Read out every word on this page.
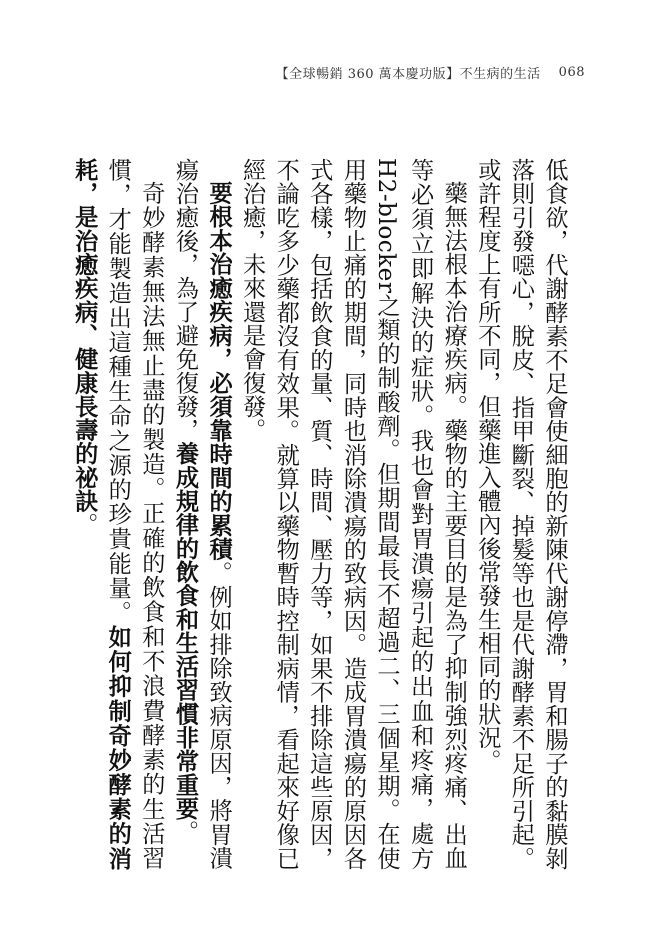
【全球暢銷 360 萬本慶功版】不生病的生活 068

低食欲，代謝酵素不足會使細胞的新陳代謝停滯，胃和腸子的黏膜剝落則引發噁心，脫皮、指甲斷裂、掉髮等也是代謝酵素不足所引起。或許程度上有所不同，但藥進入體內後常發生相同的狀況。

藥無法根本治療疾病。藥物的主要目的是為了抑制強烈疼痛、出血等必須立即解決的症狀。我也會對胃潰瘍引起的出血和疼痛，處方H2-blocker之類的制酸劑。但期間最長不超過二、三個星期。在使用藥物止痛的期間，同時也消除潰瘍的致病因。造成胃潰瘍的原因各式各樣，包括飲食的量、質、時間、壓力等，如果不排除這些原因，不論吃多少藥都沒有效果。就算以藥物暫時控制病情，看起來好像已經治癒，未來還是會復發。

要根本治癒疾病，必須靠時間的累積。例如排除致病原因，將胃潰瘍治癒後，為了避免復發，養成規律的飲食和生活習慣非常重要。

奇妙酵素無法無止盡的製造。正確的飲食和不浪費酵素的生活習慣，才能製造出這種生命之源的珍貴能量。如何抑制奇妙酵素的消耗，是治癒疾病、健康長壽的祕訣。
